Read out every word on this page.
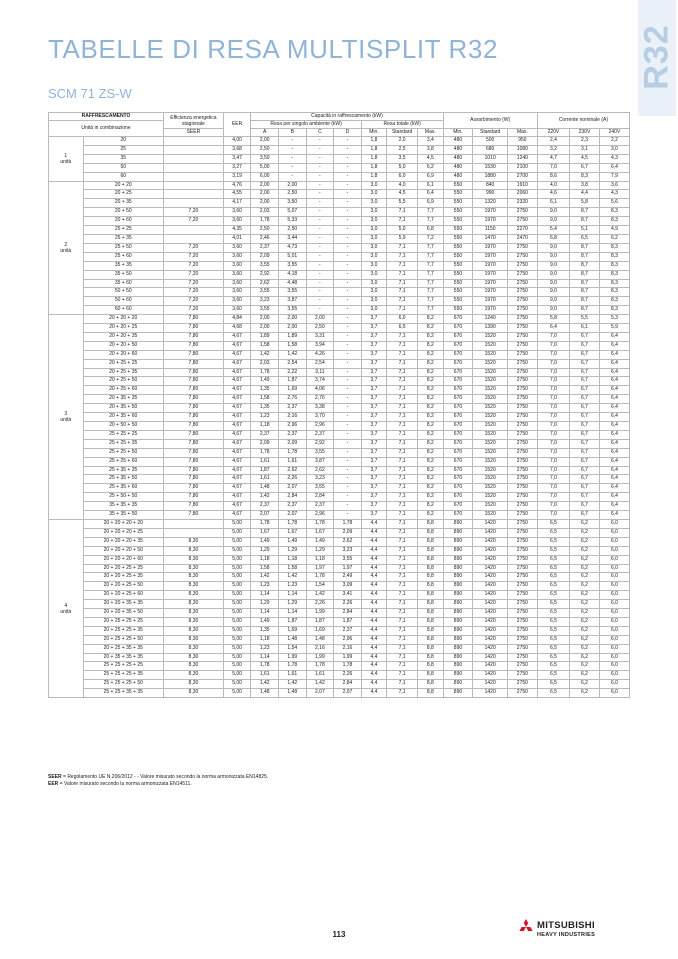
R32
TABELLE DI RESA MULTISPLIT R32
SCM 71 ZS-W
RAFFRESCAMENTO		Efficienza energetica stagionale	EER	Capacità in raffrescamento (kW)							Assorbimento (W)			Corrente nominale (A)		
Unità in combinazione				Resa per singolo ambiente (kW)				Resa totale (kW)								
		SEER		A	B	C	D	Min.	Standard	Max.	Min.	Standard	Max.	220V	230V	240V
1
unità	20		4,00	2,00	-	-	-	1,8	2,0	3,4	480	500	950	2,4	2,3	2,2
	25		3,68	2,50	-	-	-	1,8	2,5	3,8	480	680	1080	3,2	3,1	3,0
	35		3,47	3,50	-	-	-	1,8	3,5	4,5	480	1010	1240	4,7	4,5	4,3
	50		3,27	5,00	-	-	-	1,8	5,0	6,2	480	1530	2100	7,0	6,7	6,4
	60		3,19	6,00	-	-	-	1,8	6,0	6,9	480	1880	2700	8,6	8,3	7,9
2
unità	20 + 20		4,76	2,00	2,00	-	-	3,0	4,0	6,1	550	840	1910	4,0	3,8	3,6
	20 + 25		4,55	2,00	2,50	-	-	3,0	4,5	6,4	550	990	2060	4,6	4,4	4,3
	20 + 35		4,17	2,00	3,50	-	-	3,0	5,5	6,9	550	1320	2320	6,1	5,8	5,6
	20 + 50	7,20	3,60	2,03	5,07	-	-	3,0	7,1	7,7	550	1970	2750	9,0	8,7	8,3
	20 + 60	7,20	3,60	1,78	5,33	-	-	3,0	7,1	7,7	550	1970	2750	9,0	8,7	8,3
	25 + 25		4,35	2,50	2,50	-	-	3,0	5,0	6,8	550	1150	2270	5,4	5,1	4,9
	25 + 35		4,01	2,46	3,44	-	-	3,0	5,9	7,2	550	1470	2470	6,8	6,5	6,2
	25 + 50	7,20	3,60	2,37	4,73	-	-	3,0	7,1	7,7	550	1970	2750	9,0	8,7	8,3
	25 + 60	7,20	3,60	2,09	5,01	-	-	3,0	7,1	7,7	550	1970	2750	9,0	8,7	8,3
	35 + 35	7,20	3,60	3,55	3,55	-	-	3,0	7,1	7,7	550	1970	2750	9,0	8,7	8,3
	35 + 50	7,20	3,60	2,92	4,18	-	-	3,0	7,1	7,7	550	1970	2750	9,0	8,7	8,3
	35 + 60	7,20	3,60	2,62	4,48	-	-	3,0	7,1	7,7	550	1970	2750	9,0	8,7	8,3
	50 + 50	7,20	3,60	3,55	3,55	-	-	3,0	7,1	7,7	550	1970	2750	9,0	8,7	8,3
	50 + 60	7,20	3,60	3,23	3,87	-	-	3,0	7,1	7,7	550	1970	2750	9,0	8,7	8,3
	60 + 60	7,20	3,60	3,55	3,55	-	-	3,0	7,1	7,7	550	1970	2750	9,0	8,7	8,3
3
unità	20 + 20 + 20	7,80	4,84	2,00	2,00	2,00	-	3,7	6,0	8,2	670	1240	2750	5,8	5,5	5,3
	20 + 20 + 25	7,80	4,68	2,00	2,00	2,50	-	3,7	6,5	8,2	670	1390	2750	6,4	6,1	5,9
	20 + 20 + 35	7,80	4,67	1,89	1,89	3,31	-	3,7	7,1	8,2	670	1520	2750	7,0	6,7	6,4
	20 + 20 + 50	7,80	4,67	1,58	1,58	3,94	-	3,7	7,1	8,2	670	1520	2750	7,0	6,7	6,4
	20 + 20 + 60	7,80	4,67	1,42	1,42	4,26	-	3,7	7,1	8,2	670	1520	2750	7,0	6,7	6,4
	20 + 25 + 25	7,80	4,67	2,03	2,54	2,54	-	3,7	7,1	8,2	670	1520	2750	7,0	6,7	6,4
	20 + 25 + 35	7,80	4,67	1,78	2,22	3,11	-	3,7	7,1	8,2	670	1520	2750	7,0	6,7	6,4
	20 + 25 + 50	7,80	4,67	1,49	1,87	3,74	-	3,7	7,1	8,2	670	1520	2750	7,0	6,7	6,4
	20 + 25 + 60	7,80	4,67	1,35	1,69	4,06	-	3,7	7,1	8,2	670	1520	2750	7,0	6,7	6,4
	20 + 35 + 35	7,80	4,67	1,58	2,76	2,76	-	3,7	7,1	8,2	670	1520	2750	7,0	6,7	6,4
	20 + 35 + 50	7,80	4,67	1,35	2,37	3,38	-	3,7	7,1	8,2	670	1520	2750	7,0	6,7	6,4
	20 + 35 + 60	7,80	4,67	1,23	2,16	3,70	-	3,7	7,1	8,2	670	1520	2750	7,0	6,7	6,4
	20 + 50 + 50	7,80	4,67	1,18	2,96	2,96	-	3,7	7,1	8,2	670	1520	2750	7,0	6,7	6,4
	25 + 25 + 25	7,80	4,67	2,37	2,37	2,37	-	3,7	7,1	8,2	670	1520	2750	7,0	6,7	6,4
	25 + 25 + 35	7,80	4,67	2,09	2,09	2,92	-	3,7	7,1	8,2	670	1520	2750	7,0	6,7	6,4
	25 + 25 + 50	7,80	4,67	1,78	1,78	3,55	-	3,7	7,1	8,2	670	1520	2750	7,0	6,7	6,4
	25 + 25 + 60	7,80	4,67	1,61	1,61	3,87	-	3,7	7,1	8,2	670	1520	2750	7,0	6,7	6,4
	25 + 35 + 35	7,80	4,67	1,87	2,62	2,62	-	3,7	7,1	8,2	670	1520	2750	7,0	6,7	6,4
	25 + 35 + 50	7,80	4,67	1,61	2,26	3,23	-	3,7	7,1	8,2	670	1520	2750	7,0	6,7	6,4
	25 + 35 + 60	7,80	4,67	1,48	2,07	3,55	-	3,7	7,1	8,2	670	1520	2750	7,0	6,7	6,4
	25 + 50 + 50	7,80	4,67	1,42	2,84	2,84	-	3,7	7,1	8,2	670	1520	2750	7,0	6,7	6,4
	35 + 35 + 35	7,80	4,67	2,37	2,37	2,37	-	3,7	7,1	8,2	670	1520	2750	7,0	6,7	6,4
	35 + 35 + 50	7,80	4,67	2,07	2,07	2,96	-	3,7	7,1	8,2	670	1520	2750	7,0	6,7	6,4
4
unità	20 + 20 + 20 + 20		5,00	1,78	1,78	1,78	1,78	4,4	7,1	8,8	890	1420	2750	6,5	6,2	6,0
	20 + 20 + 20 + 25		5,00	1,67	1,67	1,67	2,09	4,4	7,1	8,8	890	1420	2750	6,5	6,2	6,0
	20 + 20 + 20 + 35	8,30	5,00	1,49	1,49	1,49	2,62	4,4	7,1	8,8	890	1420	2750	6,5	6,2	6,0
	20 + 20 + 20 + 50	8,30	5,00	1,29	1,29	1,29	3,23	4,4	7,1	8,8	890	1420	2750	6,5	6,2	6,0
	20 + 20 + 20 + 60	8,30	5,00	1,18	1,18	1,18	3,55	4,4	7,1	8,8	890	1420	2750	6,5	6,2	6,0
	20 + 20 + 25 + 25	8,30	5,00	1,58	1,58	1,97	1,97	4,4	7,1	8,8	890	1420	2750	6,5	6,2	6,0
	20 + 20 + 25 + 35	8,30	5,00	1,42	1,42	1,78	2,49	4,4	7,1	8,8	890	1420	2750	6,5	6,2	6,0
	20 + 20 + 25 + 50	8,30	5,00	1,23	1,23	1,54	3,09	4,4	7,1	8,8	890	1420	2750	6,5	6,2	6,0
	20 + 20 + 25 + 60	8,30	5,00	1,14	1,14	1,42	3,41	4,4	7,1	8,8	890	1420	2750	6,5	6,2	6,0
	20 + 20 + 35 + 35	8,30	5,00	1,29	1,29	2,26	2,26	4,4	7,1	8,8	890	1420	2750	6,5	6,2	6,0
	20 + 20 + 35 + 50	8,30	5,00	1,14	1,14	1,99	2,84	4,4	7,1	8,8	890	1420	2750	6,5	6,2	6,0
	20 + 25 + 25 + 25	8,30	5,00	1,49	1,87	1,87	1,87	4,4	7,1	8,8	890	1420	2750	6,5	6,2	6,0
	20 + 25 + 25 + 35	8,30	5,00	1,35	1,69	1,69	2,37	4,4	7,1	8,8	890	1420	2750	6,5	6,2	6,0
	20 + 25 + 25 + 50	8,30	5,00	1,18	1,48	1,48	2,96	4,4	7,1	8,8	890	1420	2750	6,5	6,2	6,0
	20 + 25 + 35 + 35	8,30	5,00	1,23	1,54	2,16	2,16	4,4	7,1	8,8	890	1420	2750	6,5	6,2	6,0
	20 + 35 + 35 + 35	8,30	5,00	1,14	1,99	1,99	1,99	4,4	7,1	8,8	890	1420	2750	6,5	6,2	6,0
	25 + 25 + 25 + 25	8,30	5,00	1,78	1,78	1,78	1,78	4,4	7,1	8,8	890	1420	2750	6,5	6,2	6,0
	25 + 25 + 25 + 35	8,30	5,00	1,61	1,61	1,61	2,26	4,4	7,1	8,8	890	1420	2750	6,5	6,2	6,0
	25 + 25 + 25 + 50	8,30	5,00	1,42	1,42	1,42	2,84	4,4	7,1	8,8	890	1420	2750	6,5	6,2	6,0
	25 + 25 + 35 + 35	8,30	5,00	1,48	1,48	2,07	2,07	4,4	7,1	8,8	890	1420	2750	6,5	6,2	6,0
SEER = Regolamento UE N.206/2012 - - Valore misurato secondo la norma armonizzata EN14825.
EER = Valore misurato secondo la norma armonizzata EN14511.
113
MITSUBISHI
HEAVY INDUSTRIES
